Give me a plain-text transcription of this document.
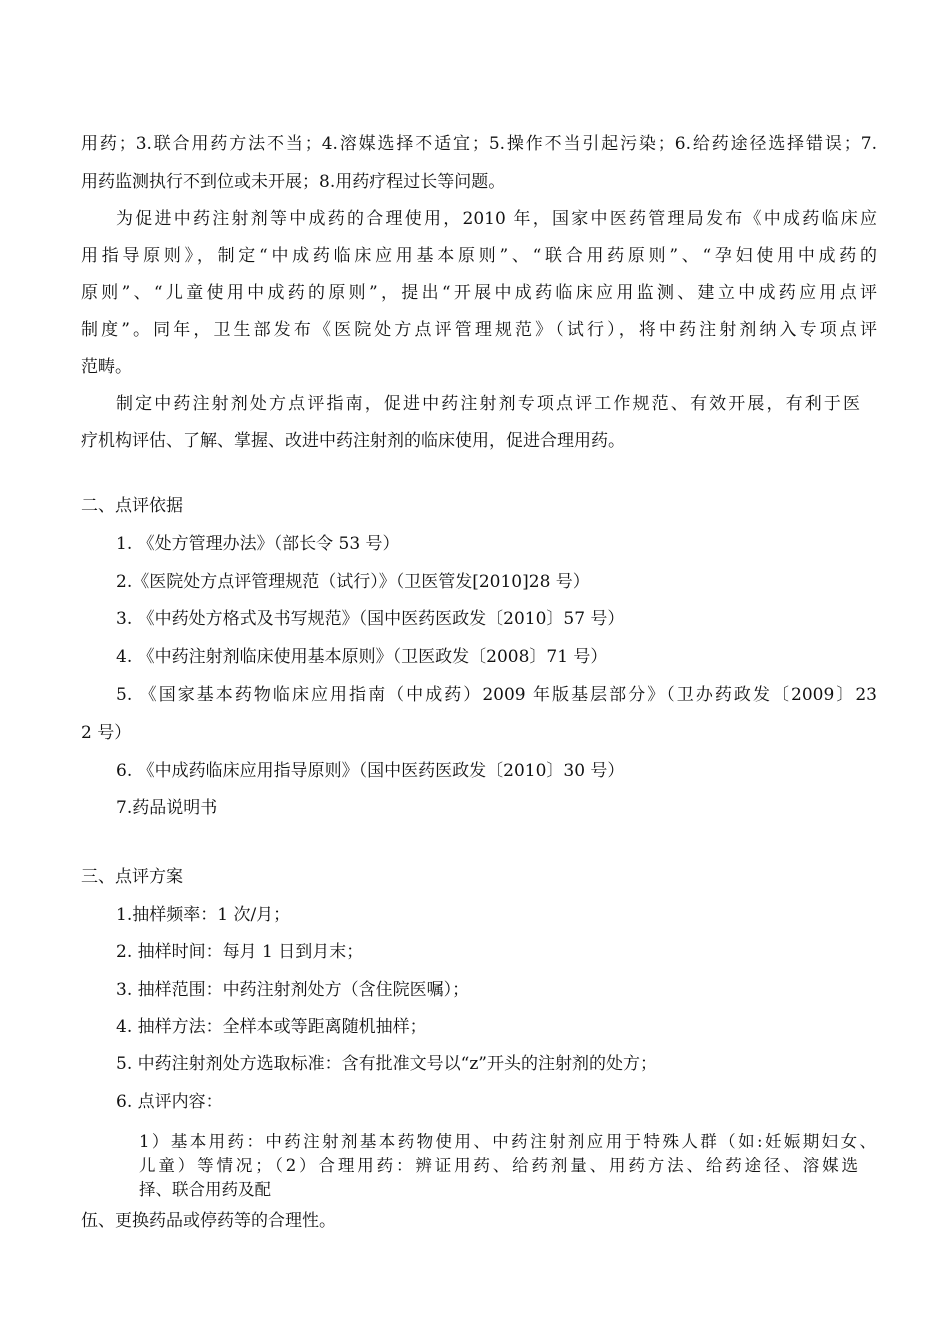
用药；3.联合用药方法不当；4.溶媒选择不适宜；5.操作不当引起污染；6.给药途径选择错误；7.
用药监测执行不到位或未开展；8.用药疗程过长等问题。
为促进中药注射剂等中成药的合理使用，2010 年，国家中医药管理局发布《中成药临床应
用指导原则》，制定“中成药临床应用基本原则”、“联合用药原则”、“孕妇使用中成药的
原则”、“儿童使用中成药的原则”，提出“开展中成药临床应用监测、建立中成药应用点评
制度”。同年，卫生部发布《医院处方点评管理规范》（试行），将中药注射剂纳入专项点评
范畴。
制定中药注射剂处方点评指南，促进中药注射剂专项点评工作规范、有效开展，有利于医
疗机构评估、了解、掌握、改进中药注射剂的临床使用，促进合理用药。
二、点评依据
1. 《处方管理办法》（部长令 53 号）
2.《医院处方点评管理规范（试行）》（卫医管发[2010]28 号）
3. 《中药处方格式及书写规范》（国中医药医政发〔2010〕57 号）
4. 《中药注射剂临床使用基本原则》（卫医政发〔2008〕71 号）
5. 《国家基本药物临床应用指南（中成药）2009 年版基层部分》（卫办药政发〔2009〕23
2 号）
6. 《中成药临床应用指导原则》（国中医药医政发〔2010〕30 号）
7.药品说明书
三、点评方案
1.抽样频率：1 次/月；
2. 抽样时间：每月 1 日到月末；
3. 抽样范围：中药注射剂处方（含住院医嘱）；
4. 抽样方法：全样本或等距离随机抽样；
5. 中药注射剂处方选取标准：含有批准文号以“z”开头的注射剂的处方；
6. 点评内容：
1）基本用药：中药注射剂基本药物使用、中药注射剂应用于特殊人群（如:妊娠期妇女、
儿童）等情况；（2）合理用药：辨证用药、给药剂量、用药方法、给药途径、溶媒选
择、联合用药及配
伍、更换药品或停药等的合理性。
